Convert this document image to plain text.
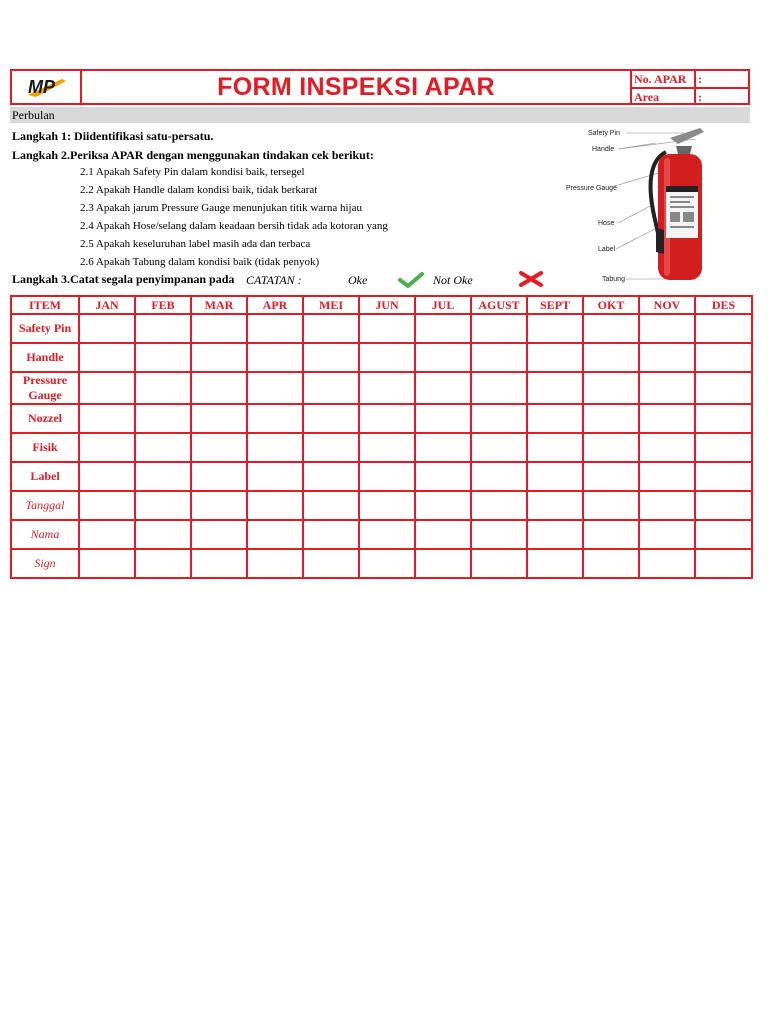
MP	FORM INSPEKSI APAR	No. APAR :
Area	:
Perbulan
Langkah 1: Diidentifikasi satu-persatu.
Langkah 2.Periksa APAR dengan menggunakan tindakan cek berikut:
2.1 Apakah Safety Pin dalam kondisi baik, tersegel
2.2 Apakah Handle dalam kondisi baik, tidak berkarat
2.3 Apakah jarum Pressure Gauge menunjukan titik warna hijau
2.4 Apakah Hose/selang dalam keadaan bersih tidak ada kotoran yang
2.5 Apakah keseluruhan label masih ada dan terbaca
2.6 Apakah Tabung dalam kondisi baik (tidak penyok)
Langkah 3.Catat segala penyimpanan pada CATATAN :	Oke	Not Oke
Safety Pin
Handle
Pressure Gauge
Hose
Label
Tabung
ITEM	JAN	FEB	MAR	APR	MEI	JUN	JUL	AGUST	SEPT	OKT	NOV	DES
Safety Pin												
Handle												
Pressure Gauge												
Nozzel												
Fisik												
Label												
Tanggal												
Nama												
Sign												
